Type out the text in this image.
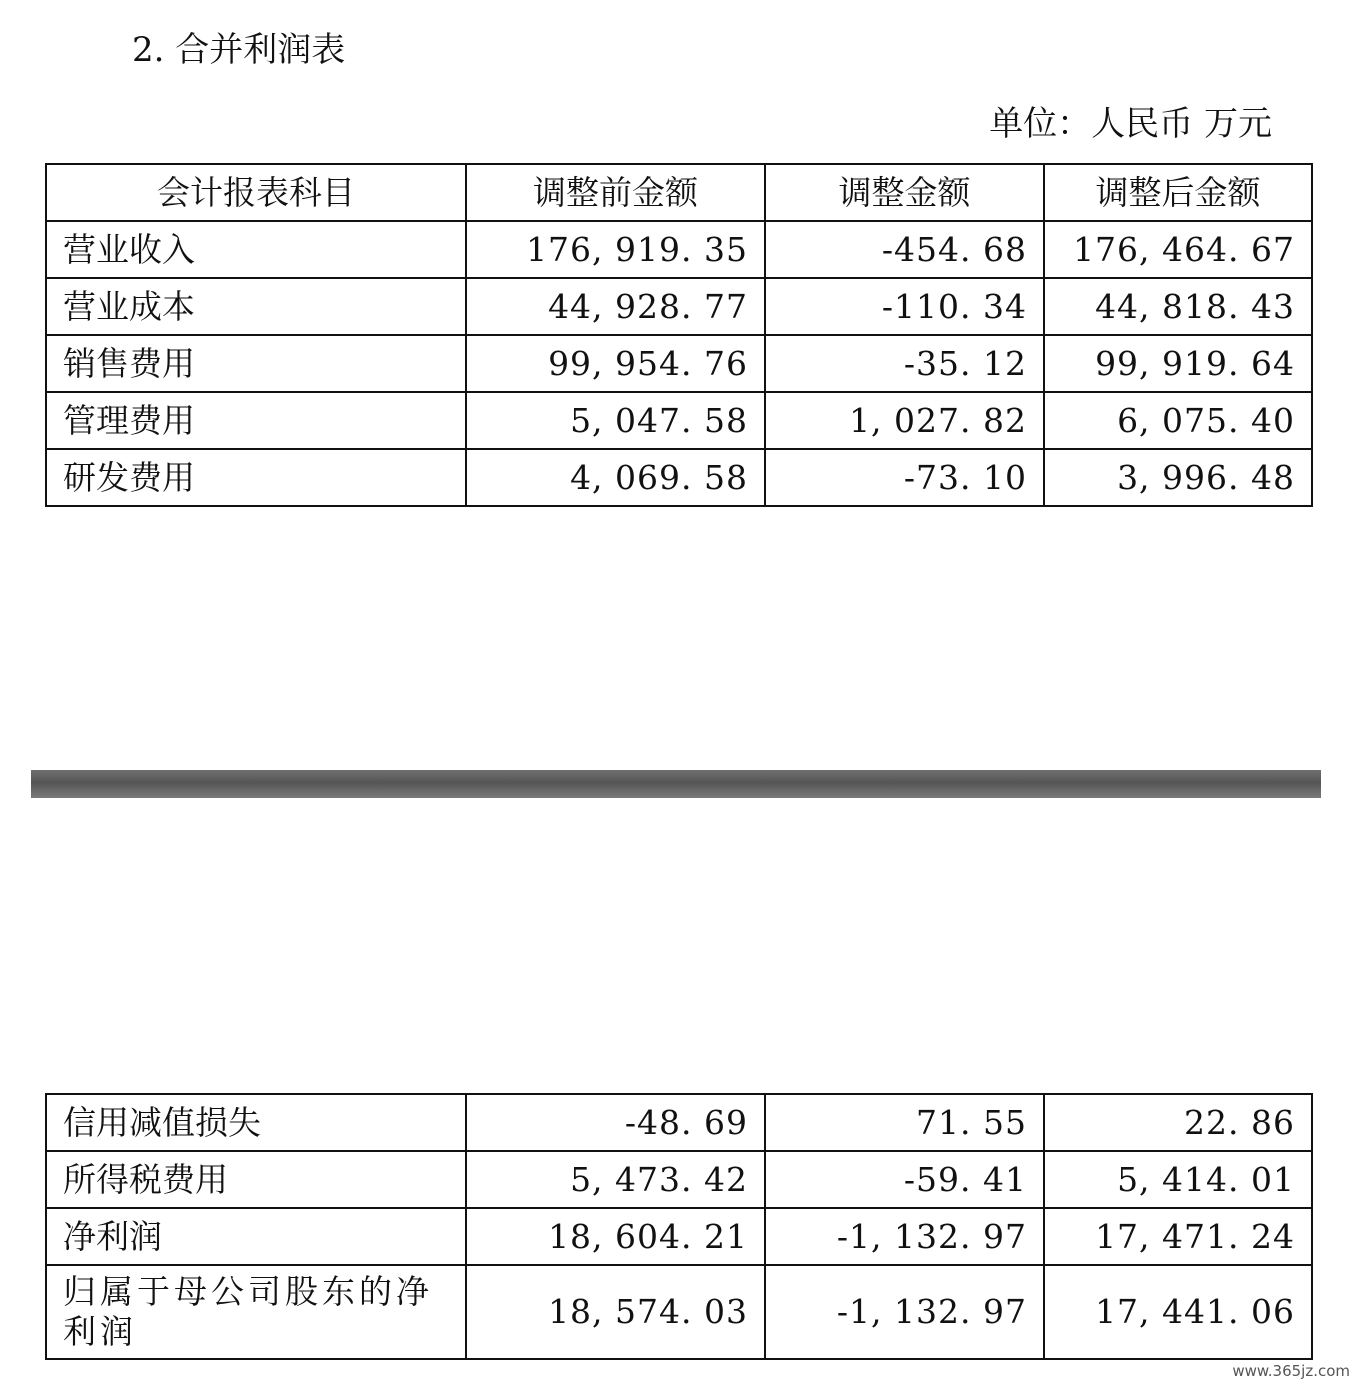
2. 合并利润表
单位：人民币 万元
会计报表科目	调整前金额	调整金额	调整后金额
营业收入	176, 919. 35	-454. 68	176, 464. 67
营业成本	44, 928. 77	-110. 34	44, 818. 43
销售费用	99, 954. 76	-35. 12	99, 919. 64
管理费用	5, 047. 58	1, 027. 82	6, 075. 40
研发费用	4, 069. 58	-73. 10	3, 996. 48
信用减值损失	-48. 69	71. 55	22. 86
所得税费用	5, 473. 42	-59. 41	5, 414. 01
净利润	18, 604. 21	-1, 132. 97	17, 471. 24
归属于母公司股东的净利润	18, 574. 03	-1, 132. 97	17, 441. 06
www.365jz.com
